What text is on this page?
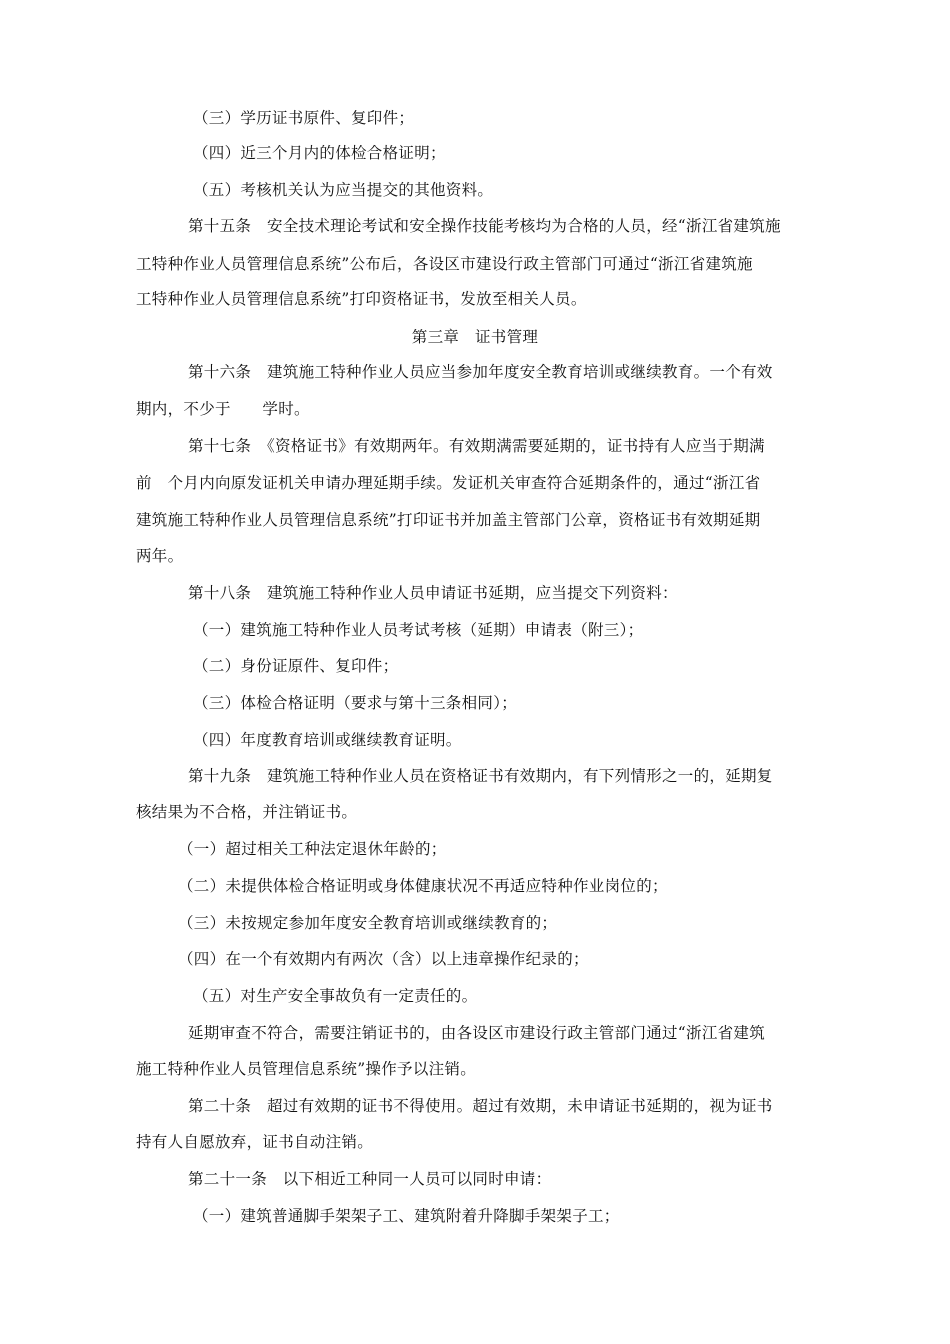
（三）学历证书原件、复印件；
（四）近三个月内的体检合格证明；
（五）考核机关认为应当提交的其他资料。
第十五条　安全技术理论考试和安全操作技能考核均为合格的人员，经“浙江省建筑施
工特种作业人员管理信息系统”公布后，各设区市建设行政主管部门可通过“浙江省建筑施
工特种作业人员管理信息系统”打印资格证书，发放至相关人员。
第三章　证书管理
第十六条　建筑施工特种作业人员应当参加年度安全教育培训或继续教育。一个有效
期内，不少于　　学时。
第十七条　《资格证书》有效期两年。有效期满需要延期的，证书持有人应当于期满
前　个月内向原发证机关申请办理延期手续。发证机关审查符合延期条件的，通过“浙江省
建筑施工特种作业人员管理信息系统”打印证书并加盖主管部门公章，资格证书有效期延期
两年。
第十八条　建筑施工特种作业人员申请证书延期，应当提交下列资料：
（一）建筑施工特种作业人员考试考核（延期）申请表（附三）；
（二）身份证原件、复印件；
（三）体检合格证明（要求与第十三条相同）；
（四）年度教育培训或继续教育证明。
第十九条　建筑施工特种作业人员在资格证书有效期内，有下列情形之一的，延期复
核结果为不合格，并注销证书。
（一）超过相关工种法定退休年龄的；
（二）未提供体检合格证明或身体健康状况不再适应特种作业岗位的；
（三）未按规定参加年度安全教育培训或继续教育的；
（四）在一个有效期内有两次（含）以上违章操作纪录的；
（五）对生产安全事故负有一定责任的。
延期审查不符合，需要注销证书的，由各设区市建设行政主管部门通过“浙江省建筑
施工特种作业人员管理信息系统”操作予以注销。
第二十条　超过有效期的证书不得使用。超过有效期，未申请证书延期的，视为证书
持有人自愿放弃，证书自动注销。
第二十一条　以下相近工种同一人员可以同时申请：
（一）建筑普通脚手架架子工、建筑附着升降脚手架架子工；
